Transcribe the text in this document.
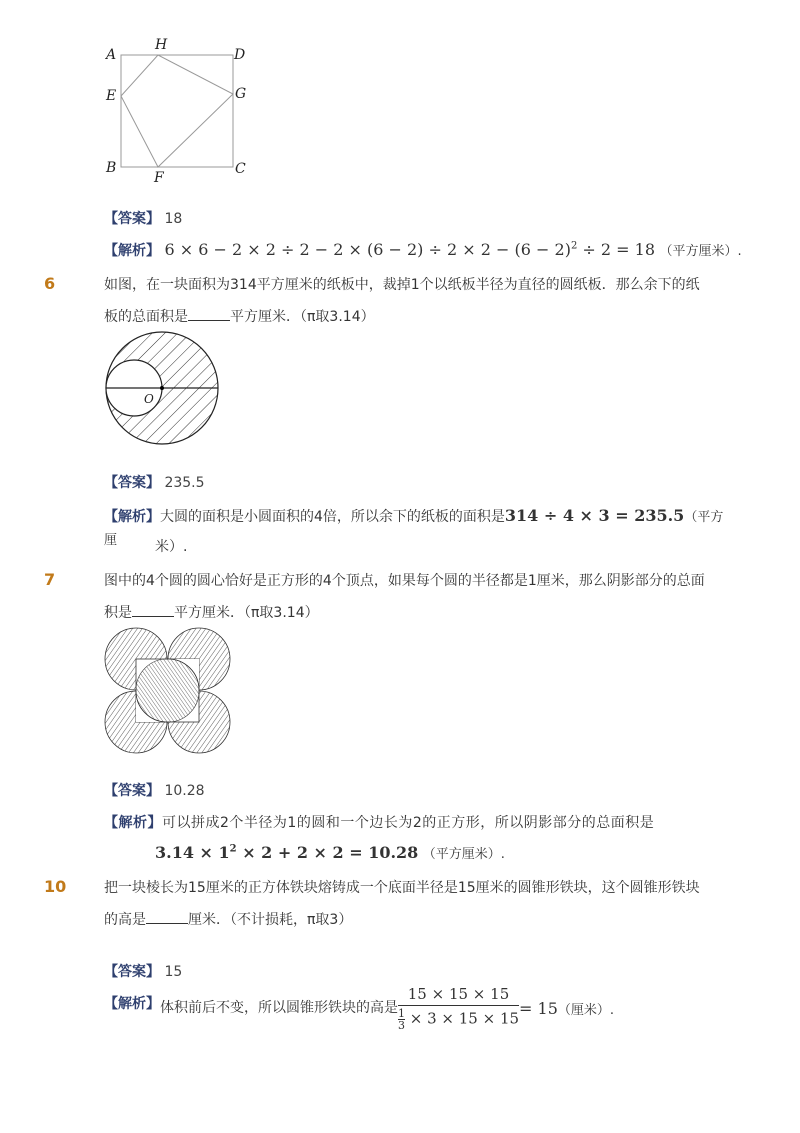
A
H
D
E	G
B
F
C
【答案】 18
【解析】 $6 \times 6 - 2 \times 2 \div 2 - 2 \times (6 - 2) \div 2 \times 2 - (6 - 2)^2 \div 2 = 18$ （平方厘米）.
6	如图，在一块面积为314平方厘米的纸板中，裁掉1个以纸板半径为直径的圆纸板．那么余下的纸
板的总面积是	平方厘米．（π取3.14）
O
【答案】 235.5
【解析】大圆的面积是小圆面积的4倍，所以余下的纸板的面积是314 ÷ 4 × 3 = 235.5（平方厘	米）.
7	图中的4个圆的圆心恰好是正方形的4个顶点，如果每个圆的半径都是1厘米，那么阴影部分的总面
积是	平方厘米．（π取3.14）
【答案】 10.28
【解析】可以拼成2个半径为1的圆和一个边长为2的正方形，所以阴影部分的总面积是
$3.14 \times 1^2 \times 2 + 2 \times 2 = 10.28$ （平方厘米）.
10	把一块棱长为15厘米的正方体铁块熔铸成一个底面半径是15厘米的圆锥形铁块，这个圆锥形铁块
的高是	厘米．（不计损耗，π取3）
【答案】 15
【解析】 体积前后不变，所以圆锥形铁块的高是 $\frac{15 \times 15 \times 15}{\frac{1}{3} \times 3 \times 15 \times 15} = 15$ （厘米）.
